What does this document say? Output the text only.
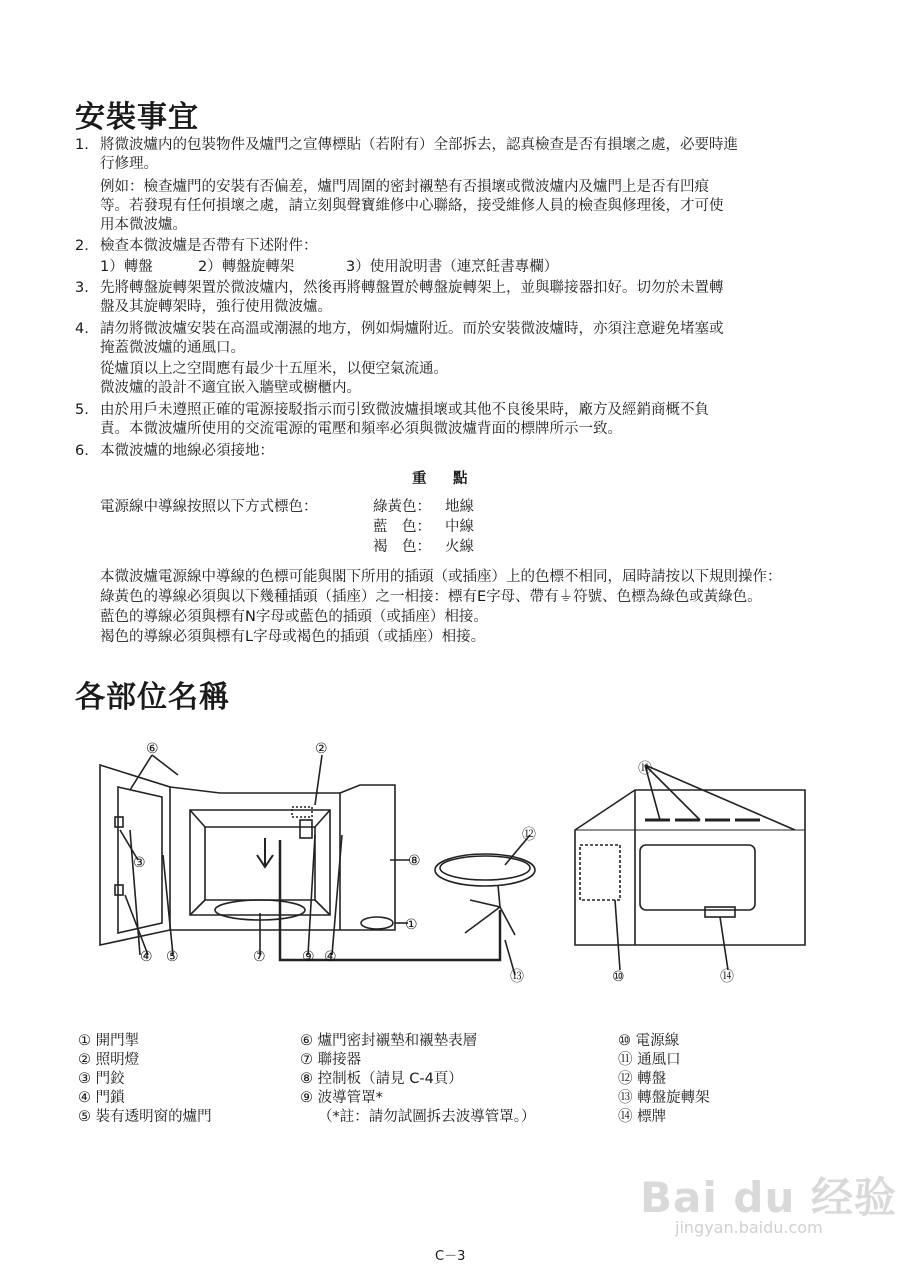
安裝事宜
1. 將微波爐内的包裝物件及爐門之宣傳標貼（若附有）全部拆去，認真檢查是否有損壞之處，必要時進
行修理。
例如：檢查爐門的安裝有否偏差，爐門周圍的密封襯墊有否損壞或微波爐内及爐門上是否有凹痕
等。若發現有任何損壞之處，請立刻與聲寶維修中心聯絡，接受維修人員的檢查與修理後，才可使
用本微波爐。
2. 檢查本微波爐是否帶有下述附件：
1）轉盤	2）轉盤旋轉架	3）使用說明書（連烹飪書專欄）
3. 先將轉盤旋轉架置於微波爐内，然後再將轉盤置於轉盤旋轉架上，並與聯接器扣好。切勿於未置轉
盤及其旋轉架時，強行使用微波爐。
4. 請勿將微波爐安裝在高溫或潮濕的地方，例如焗爐附近。而於安裝微波爐時，亦須注意避免堵塞或
掩蓋微波爐的通風口。
從爐頂以上之空間應有最少十五厘米，以便空氣流通。
微波爐的設計不適宜嵌入牆壁或櫥櫃内。
5. 由於用戶未遵照正確的電源接駁指示而引致微波爐損壞或其他不良後果時，廠方及經銷商概不負
責。本微波爐所使用的交流電源的電壓和頻率必須與微波爐背面的標牌所示一致。
6. 本微波爐的地線必須接地：
重　點
電源線中導線按照以下方式標色：	綠黃色： 地線
藍　色： 中線
褐　色： 火線
本微波爐電源線中導線的色標可能與閣下所用的插頭（或插座）上的色標不相同，屆時請按以下規則操作：
綠黃色的導線必須與以下幾種插頭（插座）之一相接：標有E字母、帶有⏚符號、色標為綠色或黃綠色。
藍色的導線必須與標有N字母或藍色的插頭（或插座）相接。
褐色的導線必須與標有L字母或褐色的插頭（或插座）相接。
各部位名稱
⑥	②
③	⑧
①
④ ⑤	⑦	⑨ ④
⑫
⑬
⑪
⑩	⑭
① 開門掣
② 照明燈
③ 門鉸
④ 門鎖
⑤ 裝有透明窗的爐門
⑥ 爐門密封襯墊和襯墊表層
⑦ 聯接器
⑧ 控制板（請見 C-4頁）
⑨ 波導管罩*
（*註：請勿試圖拆去波導管罩。）
⑩ 電源線
⑪ 通風口
⑫ 轉盤
⑬ 轉盤旋轉架
⑭ 標牌
Bai du 经验
jingyan.baidu.com
C－3
